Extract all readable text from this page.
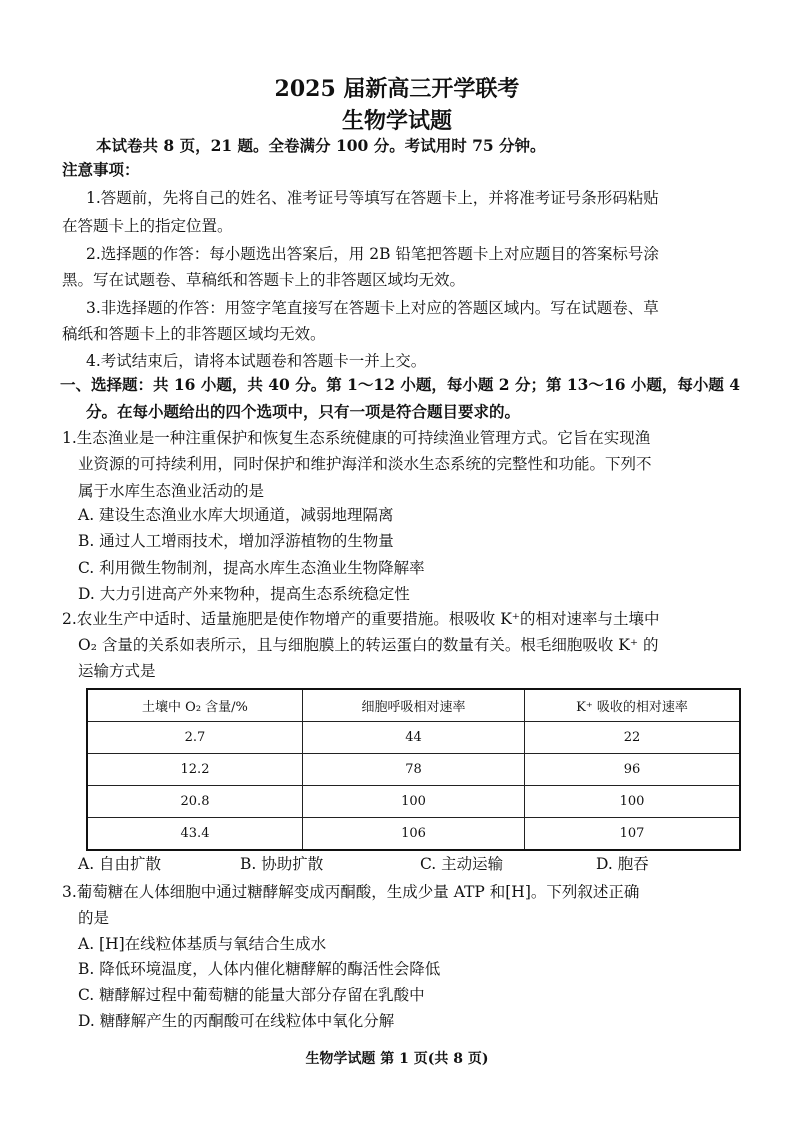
2025 届新高三开学联考
生物学试题
本试卷共 8 页，21 题。全卷满分 100 分。考试用时 75 分钟。
注意事项：
1.答题前，先将自己的姓名、准考证号等填写在答题卡上，并将准考证号条形码粘贴
在答题卡上的指定位置。
2.选择题的作答：每小题选出答案后，用 2B 铅笔把答题卡上对应题目的答案标号涂
黑。写在试题卷、草稿纸和答题卡上的非答题区域均无效。
3.非选择题的作答：用签字笔直接写在答题卡上对应的答题区域内。写在试题卷、草
稿纸和答题卡上的非答题区域均无效。
4.考试结束后，请将本试题卷和答题卡一并上交。
一、选择题：共 16 小题，共 40 分。第 1～12 小题，每小题 2 分；第 13～16 小题，每小题 4
分。在每小题给出的四个选项中，只有一项是符合题目要求的。
1.生态渔业是一种注重保护和恢复生态系统健康的可持续渔业管理方式。它旨在实现渔
业资源的可持续利用，同时保护和维护海洋和淡水生态系统的完整性和功能。下列不
属于水库生态渔业活动的是
A. 建设生态渔业水库大坝通道，减弱地理隔离
B. 通过人工增雨技术，增加浮游植物的生物量
C. 利用微生物制剂，提高水库生态渔业生物降解率
D. 大力引进高产外来物种，提高生态系统稳定性
2.农业生产中适时、适量施肥是使作物增产的重要措施。根吸收 K⁺的相对速率与土壤中
O₂ 含量的关系如表所示，且与细胞膜上的转运蛋白的数量有关。根毛细胞吸收 K⁺ 的
运输方式是
土壤中 O₂ 含量/%	细胞呼吸相对速率	K⁺ 吸收的相对速率
2.7	44	22
12.2	78	96
20.8	100	100
43.4	106	107
A. 自由扩散	B. 协助扩散	C. 主动运输	D. 胞吞
3.葡萄糖在人体细胞中通过糖酵解变成丙酮酸，生成少量 ATP 和[H]。下列叙述正确
的是
A. [H]在线粒体基质与氧结合生成水
B. 降低环境温度，人体内催化糖酵解的酶活性会降低
C. 糖酵解过程中葡萄糖的能量大部分存留在乳酸中
D. 糖酵解产生的丙酮酸可在线粒体中氧化分解
生物学试题 第 1 页(共 8 页)
